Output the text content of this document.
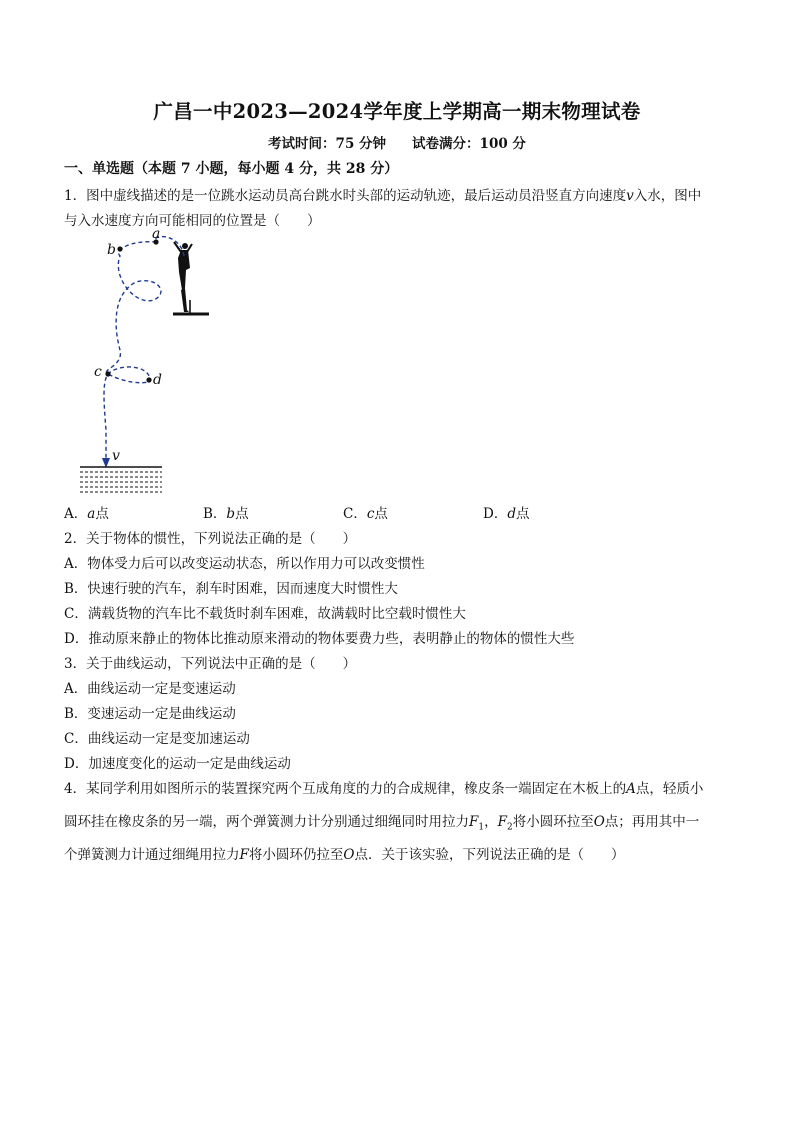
广昌一中2023—2024学年度上学期高一期末物理试卷
考试时间：75 分钟 试卷满分：100 分
一、单选题（本题 7 小题，每小题 4 分，共 28 分）
1．图中虚线描述的是一位跳水运动员高台跳水时头部的运动轨迹，最后运动员沿竖直方向速度v入水，图中
与入水速度方向可能相同的位置是（　　）
a
b
c	d
v
A．a点	B．b点	C．c点	D．d点
2．关于物体的惯性，下列说法正确的是（　　）
A．物体受力后可以改变运动状态，所以作用力可以改变惯性
B．快速行驶的汽车，刹车时困难，因而速度大时惯性大
C．满载货物的汽车比不载货时刹车困难，故满载时比空载时惯性大
D．推动原来静止的物体比推动原来滑动的物体要费力些，表明静止的物体的惯性大些
3．关于曲线运动，下列说法中正确的是（　　）
A．曲线运动一定是变速运动
B．变速运动一定是曲线运动
C．曲线运动一定是变加速运动
D．加速度变化的运动一定是曲线运动
4．某同学利用如图所示的装置探究两个互成角度的力的合成规律，橡皮条一端固定在木板上的A点，轻质小
圆环挂在橡皮条的另一端，两个弹簧测力计分别通过细绳同时用拉力$F_1$，$F_2$将小圆环拉至O点；再用其中一
个弹簧测力计通过细绳用拉力F将小圆环仍拉至O点．关于该实验，下列说法正确的是（　　）
